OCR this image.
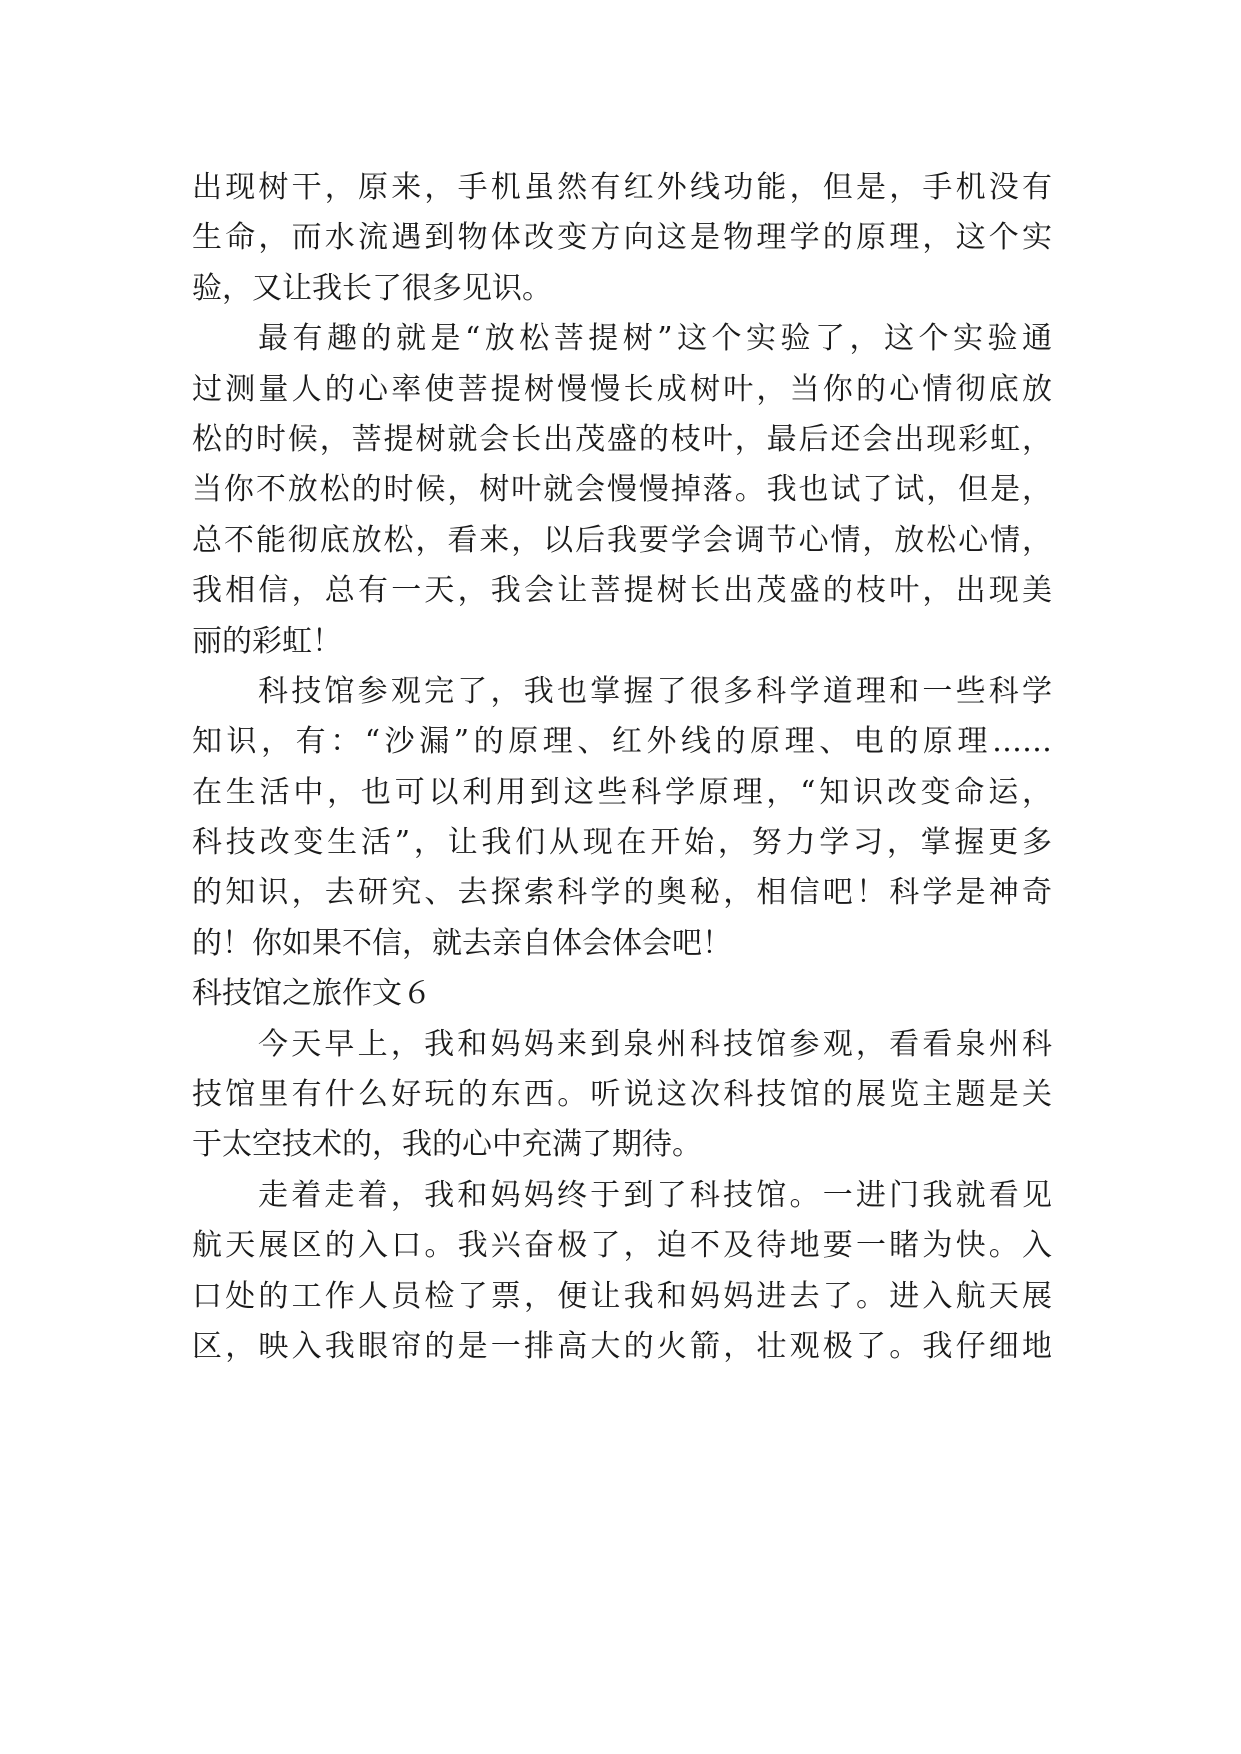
出现树干，原来，手机虽然有红外线功能，但是，手机没有
生命，而水流遇到物体改变方向这是物理学的原理，这个实
验，又让我长了很多见识。
最有趣的就是“放松菩提树”这个实验了，这个实验通
过测量人的心率使菩提树慢慢长成树叶，当你的心情彻底放
松的时候，菩提树就会长出茂盛的枝叶，最后还会出现彩虹，
当你不放松的时候，树叶就会慢慢掉落。我也试了试，但是，
总不能彻底放松，看来，以后我要学会调节心情，放松心情，
我相信，总有一天，我会让菩提树长出茂盛的枝叶，出现美
丽的彩虹！
科技馆参观完了，我也掌握了很多科学道理和一些科学
知识，有：“沙漏”的原理、红外线的原理、电的原理……
在生活中，也可以利用到这些科学原理，“知识改变命运，
科技改变生活”，让我们从现在开始，努力学习，掌握更多
的知识，去研究、去探索科学的奥秘，相信吧！科学是神奇
的！你如果不信，就去亲自体会体会吧！
科技馆之旅作文６
今天早上，我和妈妈来到泉州科技馆参观，看看泉州科
技馆里有什么好玩的东西。听说这次科技馆的展览主题是关
于太空技术的，我的心中充满了期待。
走着走着，我和妈妈终于到了科技馆。一进门我就看见
航天展区的入口。我兴奋极了，迫不及待地要一睹为快。入
口处的工作人员检了票，便让我和妈妈进去了。进入航天展
区，映入我眼帘的是一排高大的火箭，壮观极了。我仔细地
